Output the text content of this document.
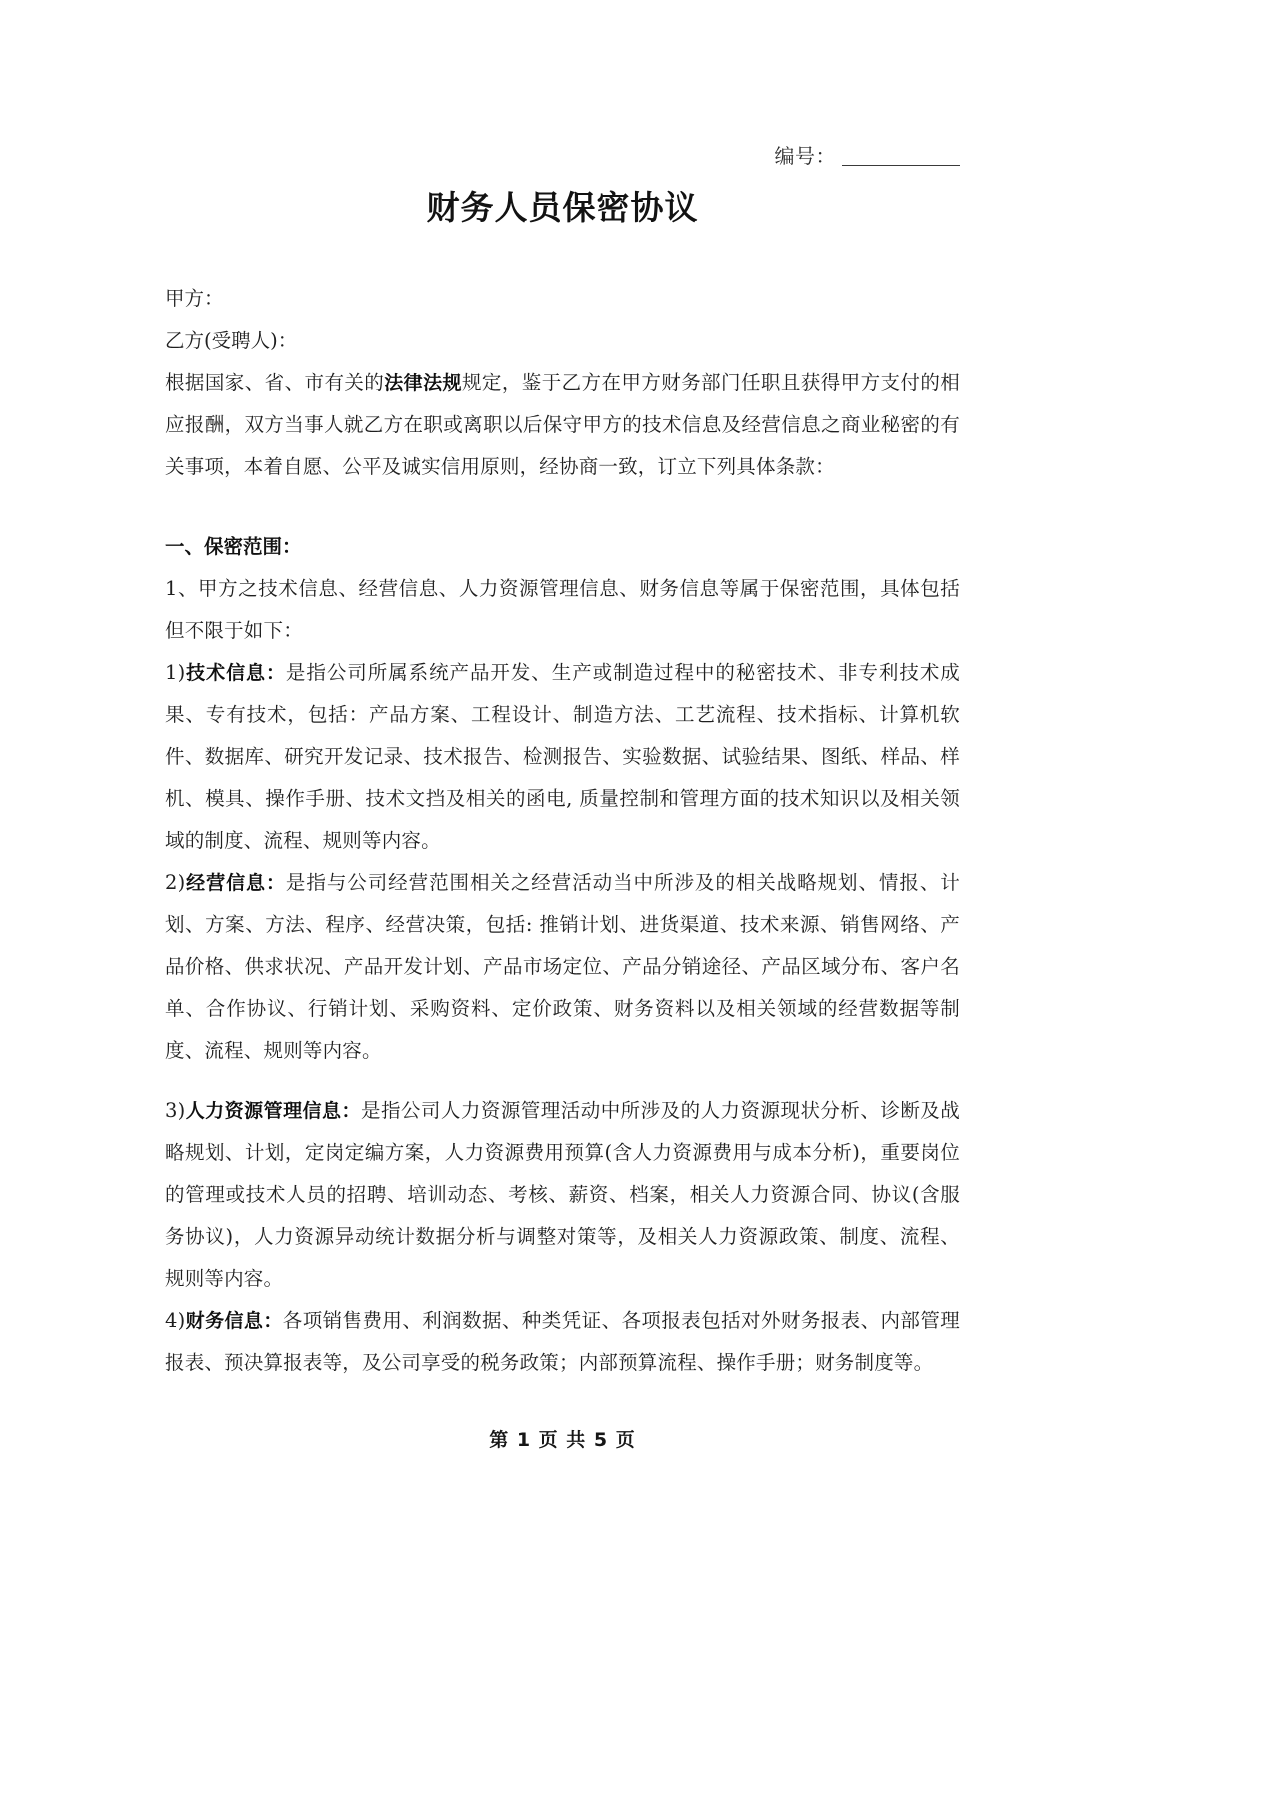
编号：
财务人员保密协议

甲方：

乙方(受聘人)：

根据国家、省、市有关的法律法规规定，鉴于乙方在甲方财务部门任职且获得甲方支付的相应报酬，双方当事人就乙方在职或离职以后保守甲方的技术信息及经营信息之商业秘密的有关事项，本着自愿、公平及诚实信用原则，经协商一致，订立下列具体条款：

一、保密范围：

1、甲方之技术信息、经营信息、人力资源管理信息、财务信息等属于保密范围，具体包括但不限于如下：

1)技术信息：是指公司所属系统产品开发、生产或制造过程中的秘密技术、非专利技术成果、专有技术，包括：产品方案、工程设计、制造方法、工艺流程、技术指标、计算机软件、数据库、研究开发记录、技术报告、检测报告、实验数据、试验结果、图纸、样品、样机、模具、操作手册、技术文挡及相关的函电, 质量控制和管理方面的技术知识以及相关领域的制度、流程、规则等内容。

2)经营信息：是指与公司经营范围相关之经营活动当中所涉及的相关战略规划、情报、计划、方案、方法、程序、经营决策，包括: 推销计划、进货渠道、技术来源、销售网络、产品价格、供求状况、产品开发计划、产品市场定位、产品分销途径、产品区域分布、客户名单、合作协议、行销计划、采购资料、定价政策、财务资料以及相关领域的经营数据等制度、流程、规则等内容。

3)人力资源管理信息：是指公司人力资源管理活动中所涉及的人力资源现状分析、诊断及战略规划、计划，定岗定编方案，人力资源费用预算(含人力资源费用与成本分析)，重要岗位的管理或技术人员的招聘、培训动态、考核、薪资、档案，相关人力资源合同、协议(含服务协议)，人力资源异动统计数据分析与调整对策等，及相关人力资源政策、制度、流程、规则等内容。

4)财务信息：各项销售费用、利润数据、种类凭证、各项报表包括对外财务报表、内部管理报表、预决算报表等，及公司享受的税务政策；内部预算流程、操作手册；财务制度等。

第 1 页 共 5 页
